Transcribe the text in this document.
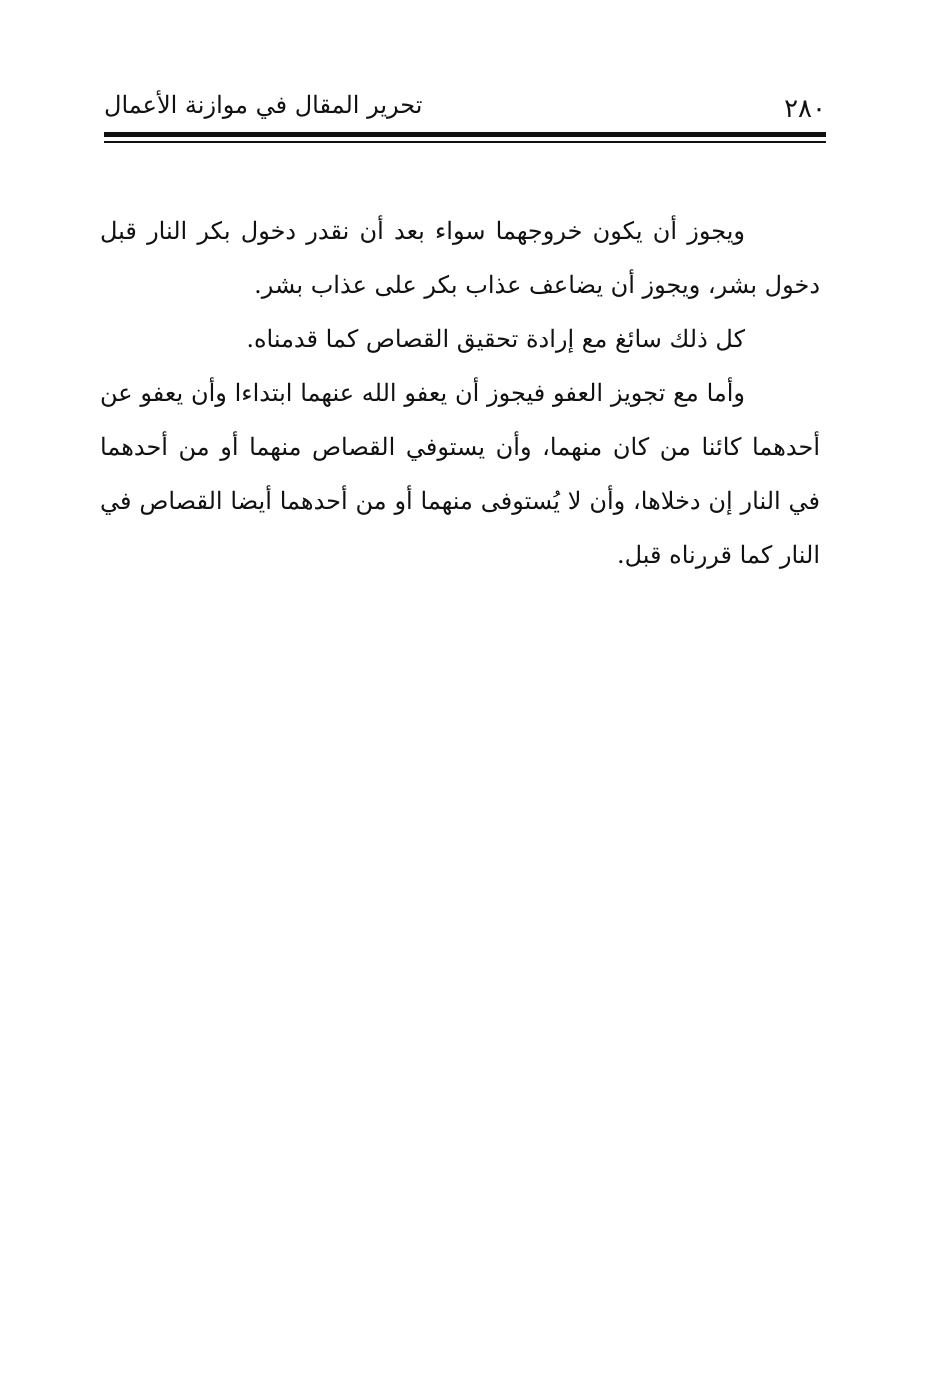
٢٨٠
تحرير المقال في موازنة الأعمال

ويجوز أن يكون خروجهما سواء بعد أن نقدر دخول بكر النار قبل دخول بشر، ويجوز أن يضاعف عذاب بكر على عذاب بشر.

كل ذلك سائغ مع إرادة تحقيق القصاص كما قدمناه.

وأما مع تجويز العفو فيجوز أن يعفو الله عنهما ابتداءا وأن يعفو عن أحدهما كائنا من كان منهما، وأن يستوفي القصاص منهما أو من أحدهما في النار إن دخلاها، وأن لا يُستوفى منهما أو من أحدهما أيضا القصاص في النار كما قررناه قبل.
